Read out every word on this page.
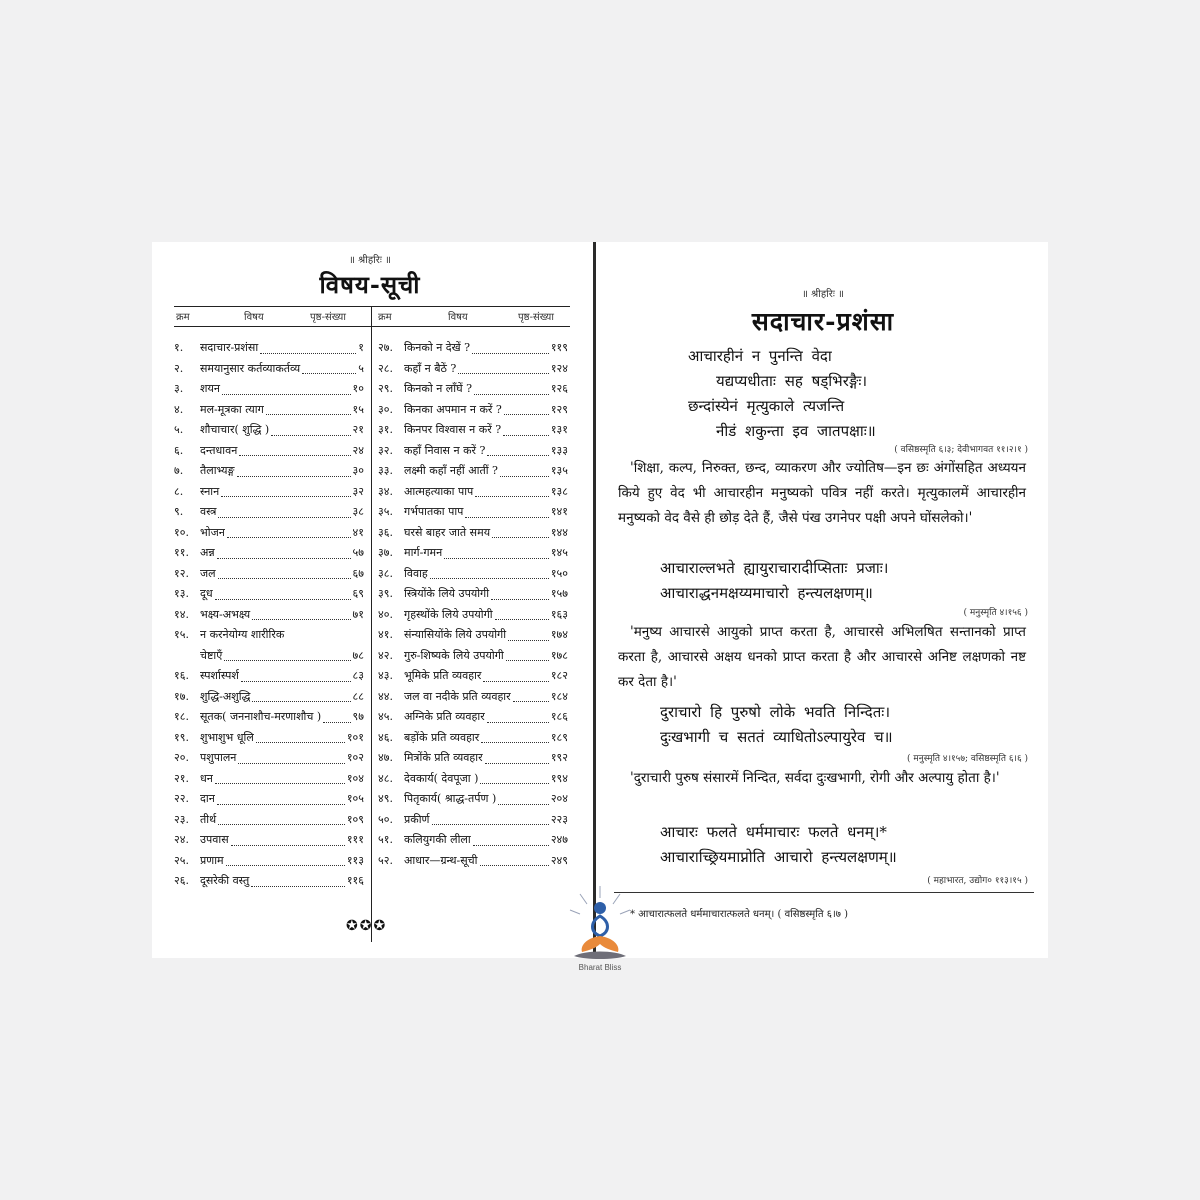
॥ श्रीहरिः ॥
विषय-सूची
क्रम	विषय	पृष्ठ-संख्या	क्रम	विषय	पृष्ठ-संख्या
१.	सदाचार-प्रशंसा	१
२.	समयानुसार कर्तव्याकर्तव्य	५
३.	शयन	१०
४.	मल-मूत्रका त्याग	१५
५.	शौचाचार( शुद्धि )	२१
६.	दन्तधावन	२४
७.	तैलाभ्यङ्ग	३०
८.	स्नान	३२
९.	वस्त्र	३८
१०.	भोजन	४१
११.	अन्न	५७
१२.	जल	६७
१३.	दूध	६९
१४.	भक्ष्य-अभक्ष्य	७१
१५.	न करनेयोग्य शारीरिक
चेष्टाएँ	७८
१६.	स्पर्शास्पर्श	८३
१७.	शुद्धि-अशुद्धि	८८
१८.	सूतक( जननाशौच-मरणाशौच )	९७
१९.	शुभाशुभ धूलि	१०१
२०.	पशुपालन	१०२
२१.	धन	१०४
२२.	दान	१०५
२३.	तीर्थ	१०९
२४.	उपवास	१११
२५.	प्रणाम	११३
२६.	दूसरेकी वस्तु	११६
२७.	किनको न देखें ?	११९
२८.	कहाँ न बैठें ?	१२४
२९.	किनको न लाँघें ?	१२६
३०.	किनका अपमान न करें ?	१२९
३१.	किनपर विश्वास न करें ?	१३१
३२.	कहाँ निवास न करें ?	१३३
३३.	लक्ष्मी कहाँ नहीं आतीं ?	१३५
३४.	आत्महत्याका पाप	१३८
३५.	गर्भपातका पाप	१४१
३६.	घरसे बाहर जाते समय	१४४
३७.	मार्ग-गमन	१४५
३८.	विवाह	१५०
३९.	स्त्रियोंके लिये उपयोगी	१५७
४०.	गृहस्थोंके लिये उपयोगी	१६३
४१.	संन्यासियोंके लिये उपयोगी	१७४
४२.	गुरु-शिष्यके लिये उपयोगी	१७८
४३.	भूमिके प्रति व्यवहार	१८२
४४.	जल वा नदीके प्रति व्यवहार	१८४
४५.	अग्निके प्रति व्यवहार	१८६
४६.	बड़ोंके प्रति व्यवहार	१८९
४७.	मित्रोंके प्रति व्यवहार	१९२
४८.	देवकार्य( देवपूजा )	१९४
४९.	पितृकार्य( श्राद्ध-तर्पण )	२०४
५०.	प्रकीर्ण	२२३
५१.	कलियुगकी लीला	२४७
५२.	आधार—ग्रन्थ-सूची	२४९
✪✪✪
॥ श्रीहरिः ॥
सदाचार-प्रशंसा
आचारहीनं न पुनन्ति वेदा
यद्यप्यधीताः सह षड्भिरङ्गैः।
छन्दांस्येनं मृत्युकाले त्यजन्ति
नीडं शकुन्ता इव जातपक्षाः॥
( वसिष्ठस्मृति ६।३; देवीभागवत ११।२।१ )

'शिक्षा, कल्प, निरुक्त, छन्द, व्याकरण और ज्योतिष—इन छः अंगोंसहित अध्ययन किये हुए वेद भी आचारहीन मनुष्यको पवित्र नहीं करते। मृत्युकालमें आचारहीन मनुष्यको वेद वैसे ही छोड़ देते हैं, जैसे पंख उगनेपर पक्षी अपने घोंसलेको।'

आचाराल्लभते ह्यायुराचारादीप्सिताः प्रजाः।
आचाराद्धनमक्षय्यमाचारो हन्त्यलक्षणम्॥
( मनुस्मृति ४।१५६ )

'मनुष्य आचारसे आयुको प्राप्त करता है, आचारसे अभिलषित सन्तानको प्राप्त करता है, आचारसे अक्षय धनको प्राप्त करता है और आचारसे अनिष्ट लक्षणको नष्ट कर देता है।'

दुराचारो हि पुरुषो लोके भवति निन्दितः।
दुःखभागी च सततं व्याधितोऽल्पायुरेव च॥
( मनुस्मृति ४।१५७; वसिष्ठस्मृति ६।६ )

'दुराचारी पुरुष संसारमें निन्दित, सर्वदा दुःखभागी, रोगी और अल्पायु होता है।'

आचारः फलते धर्ममाचारः फलते धनम्।*
आचाराच्छ्रियमाप्नोति आचारो हन्त्यलक्षणम्॥
( महाभारत, उद्योग० ११३।१५ )
* आचारात्फलते धर्ममाचारात्फलते धनम्। ( वसिष्ठस्मृति ६।७ )
Bharat Bliss
